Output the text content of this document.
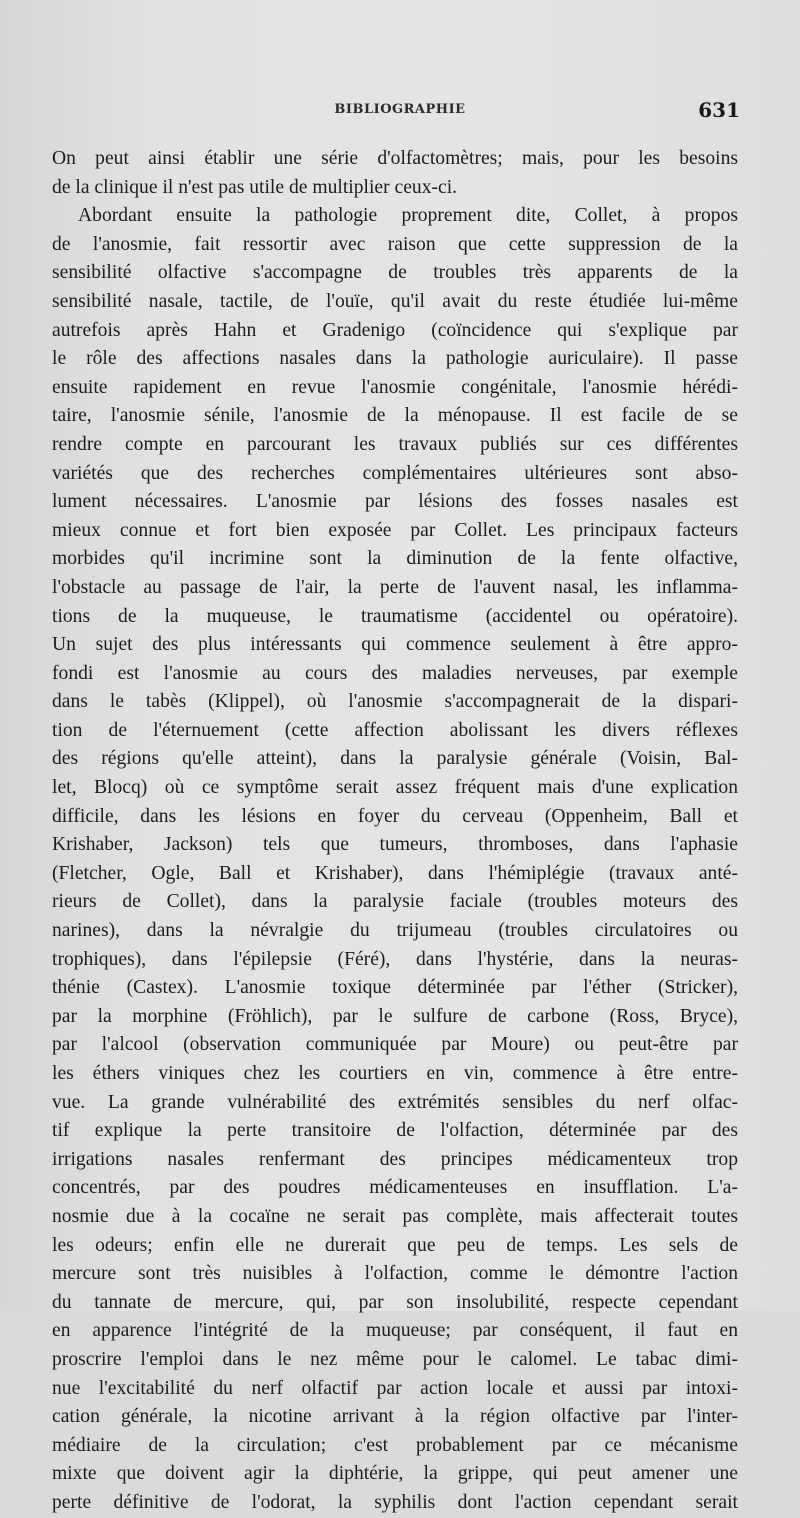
BIBLIOGRAPHIE	631
On peut ainsi établir une série d'olfactomètres; mais, pour les besoins
de la clinique il n'est pas utile de multiplier ceux-ci.
Abordant ensuite la pathologie proprement dite, Collet, à propos
de l'anosmie, fait ressortir avec raison que cette suppression de la
sensibilité olfactive s'accompagne de troubles très apparents de la
sensibilité nasale, tactile, de l'ouïe, qu'il avait du reste étudiée lui-même
autrefois après Hahn et Gradenigo (coïncidence qui s'explique par
le rôle des affections nasales dans la pathologie auriculaire). Il passe
ensuite rapidement en revue l'anosmie congénitale, l'anosmie hérédi-
taire, l'anosmie sénile, l'anosmie de la ménopause. Il est facile de se
rendre compte en parcourant les travaux publiés sur ces différentes
variétés que des recherches complémentaires ultérieures sont abso-
lument nécessaires. L'anosmie par lésions des fosses nasales est
mieux connue et fort bien exposée par Collet. Les principaux facteurs
morbides qu'il incrimine sont la diminution de la fente olfactive,
l'obstacle au passage de l'air, la perte de l'auvent nasal, les inflamma-
tions de la muqueuse, le traumatisme (accidentel ou opératoire).
Un sujet des plus intéressants qui commence seulement à être appro-
fondi est l'anosmie au cours des maladies nerveuses, par exemple
dans le tabès (Klippel), où l'anosmie s'accompagnerait de la dispari-
tion de l'éternuement (cette affection abolissant les divers réflexes
des régions qu'elle atteint), dans la paralysie générale (Voisin, Bal-
let, Blocq) où ce symptôme serait assez fréquent mais d'une explication
difficile, dans les lésions en foyer du cerveau (Oppenheim, Ball et
Krishaber, Jackson) tels que tumeurs, thromboses, dans l'aphasie
(Fletcher, Ogle, Ball et Krishaber), dans l'hémiplégie (travaux anté-
rieurs de Collet), dans la paralysie faciale (troubles moteurs des
narines), dans la névralgie du trijumeau (troubles circulatoires ou
trophiques), dans l'épilepsie (Féré), dans l'hystérie, dans la neuras-
thénie (Castex). L'anosmie toxique déterminée par l'éther (Stricker),
par la morphine (Fröhlich), par le sulfure de carbone (Ross, Bryce),
par l'alcool (observation communiquée par Moure) ou peut-être par
les éthers viniques chez les courtiers en vin, commence à être entre-
vue. La grande vulnérabilité des extrémités sensibles du nerf olfac-
tif explique la perte transitoire de l'olfaction, déterminée par des
irrigations nasales renfermant des principes médicamenteux trop
concentrés, par des poudres médicamenteuses en insufflation. L'a-
nosmie due à la cocaïne ne serait pas complète, mais affecterait toutes
les odeurs; enfin elle ne durerait que peu de temps. Les sels de
mercure sont très nuisibles à l'olfaction, comme le démontre l'action
du tannate de mercure, qui, par son insolubilité, respecte cependant
en apparence l'intégrité de la muqueuse; par conséquent, il faut en
proscrire l'emploi dans le nez même pour le calomel. Le tabac dimi-
nue l'excitabilité du nerf olfactif par action locale et aussi par intoxi-
cation générale, la nicotine arrivant à la région olfactive par l'inter-
médiaire de la circulation; c'est probablement par ce mécanisme
mixte que doivent agir la diphtérie, la grippe, qui peut amener une
perte définitive de l'odorat, la syphilis dont l'action cependant serait
